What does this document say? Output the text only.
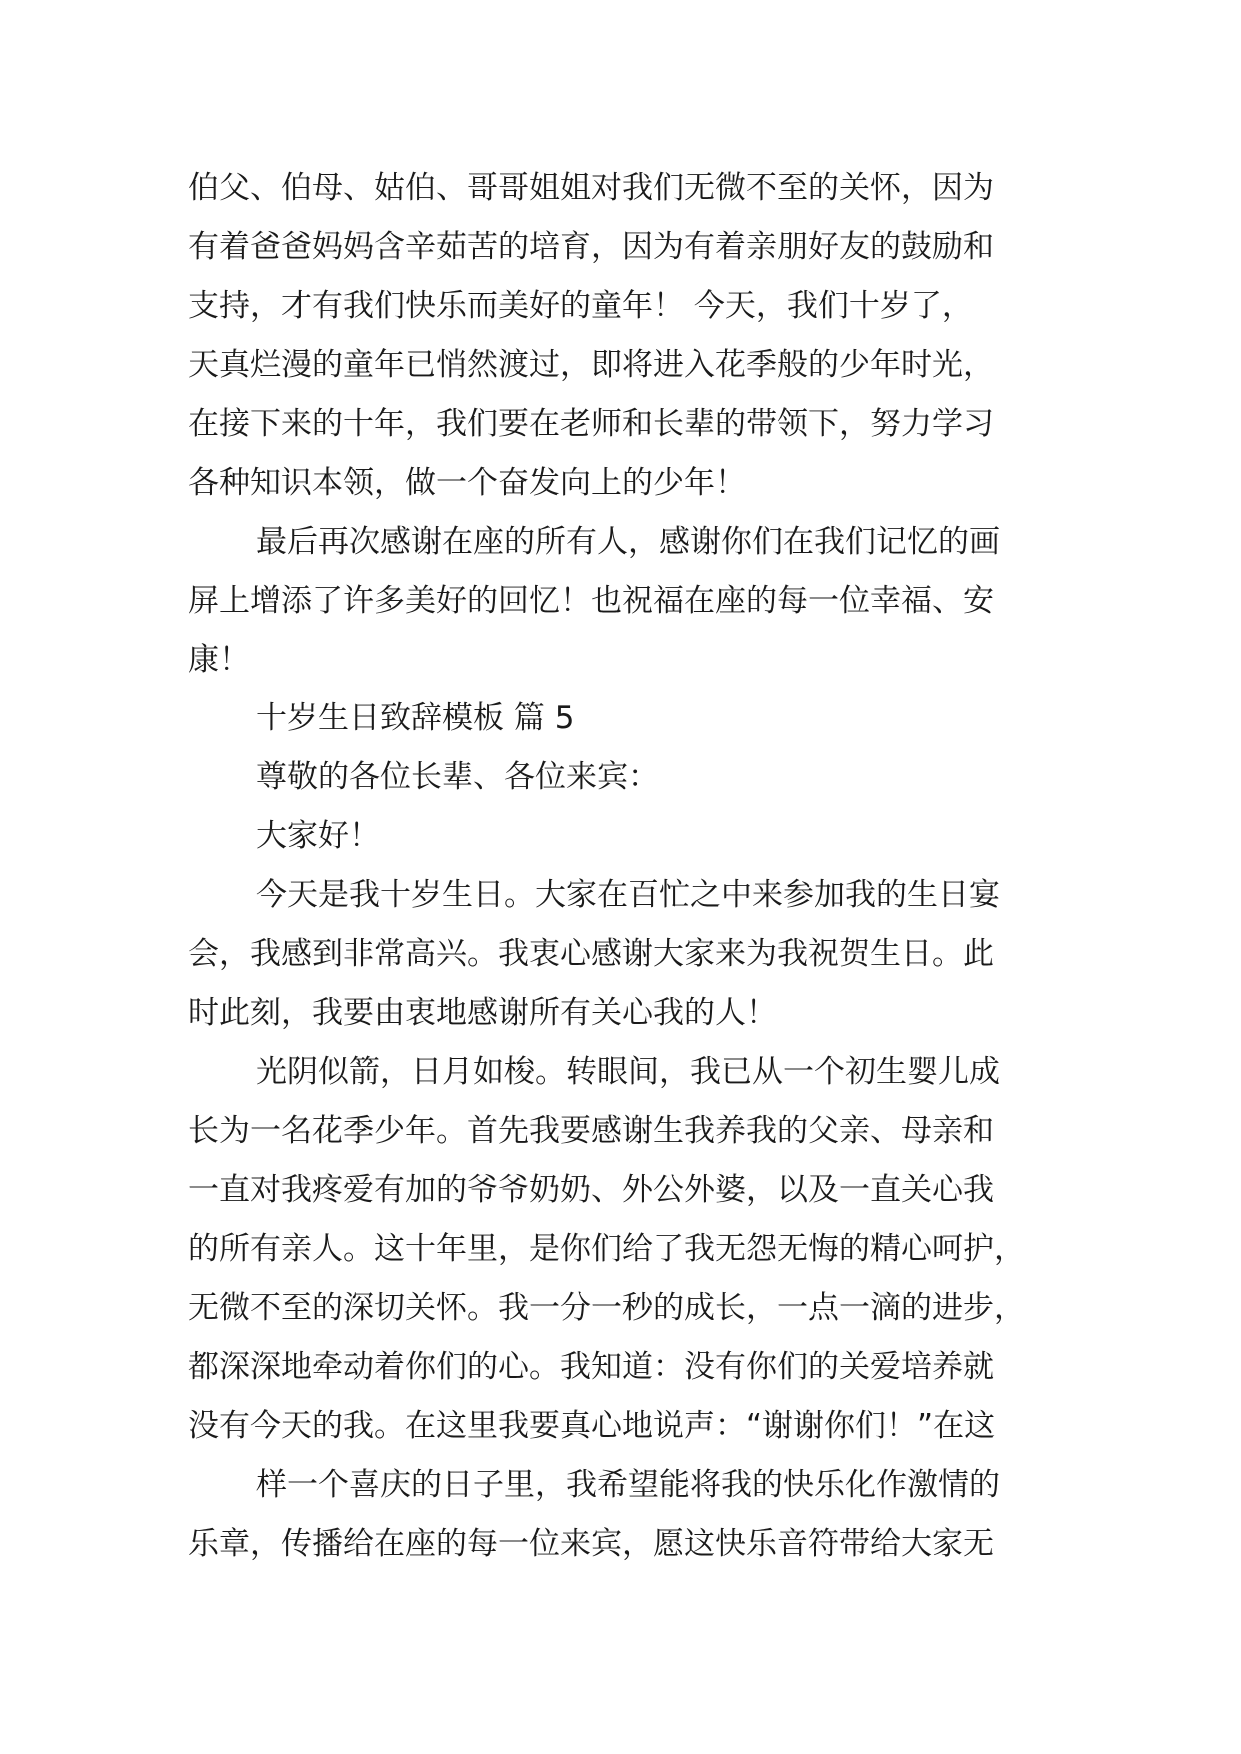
伯父、伯母、姑伯、哥哥姐姐对我们无微不至的关怀，因为
有着爸爸妈妈含辛茹苦的培育，因为有着亲朋好友的鼓励和
支持，才有我们快乐而美好的童年！ 今天，我们十岁了，
天真烂漫的童年已悄然渡过，即将进入花季般的少年时光，
在接下来的十年，我们要在老师和长辈的带领下，努力学习
各种知识本领，做一个奋发向上的少年！
最后再次感谢在座的所有人，感谢你们在我们记忆的画
屏上增添了许多美好的回忆！也祝福在座的每一位幸福、安
康！
十岁生日致辞模板 篇 5
尊敬的各位长辈、各位来宾：
大家好！
今天是我十岁生日。大家在百忙之中来参加我的生日宴
会，我感到非常高兴。我衷心感谢大家来为我祝贺生日。此
时此刻，我要由衷地感谢所有关心我的人！
光阴似箭，日月如梭。转眼间，我已从一个初生婴儿成
长为一名花季少年。首先我要感谢生我养我的父亲、母亲和
一直对我疼爱有加的爷爷奶奶、外公外婆，以及一直关心我
的所有亲人。这十年里，是你们给了我无怨无悔的精心呵护，
无微不至的深切关怀。我一分一秒的成长，一点一滴的进步，
都深深地牵动着你们的心。我知道：没有你们的关爱培养就
没有今天的我。在这里我要真心地说声：“谢谢你们！”在这
样一个喜庆的日子里，我希望能将我的快乐化作激情的
乐章，传播给在座的每一位来宾，愿这快乐音符带给大家无
